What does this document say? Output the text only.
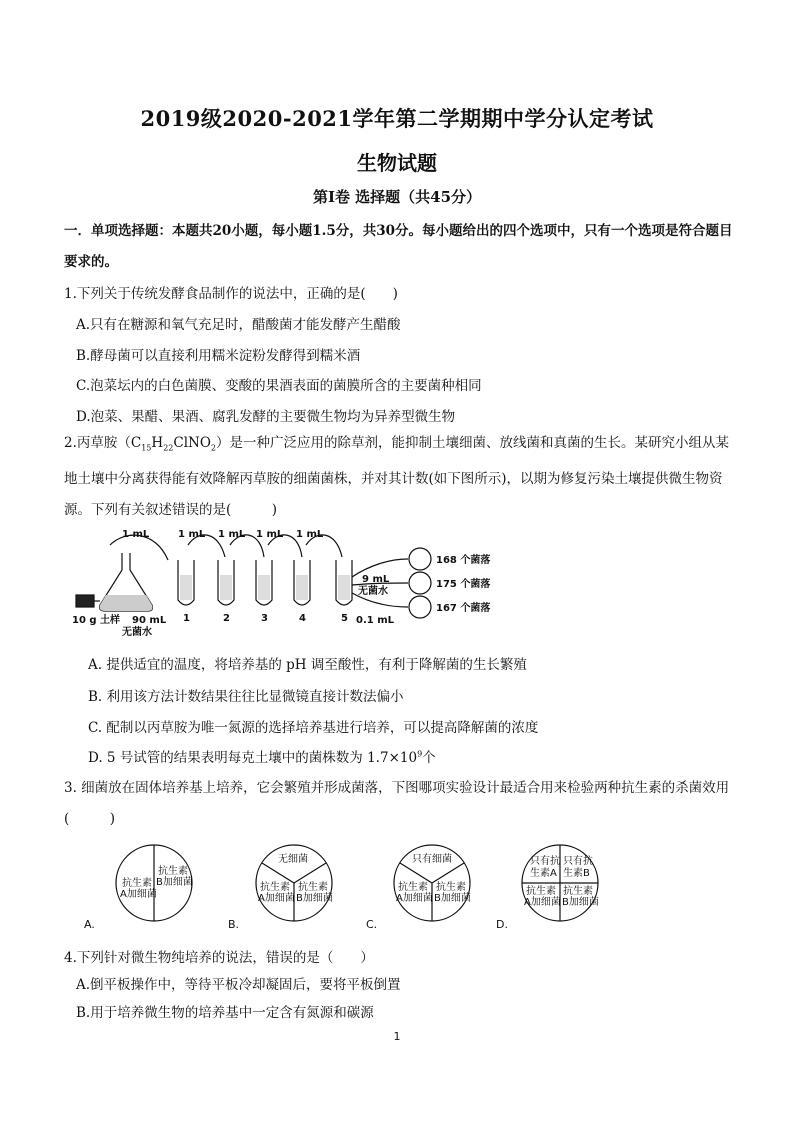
2019级2020-2021学年第二学期期中学分认定考试
生物试题
第Ⅰ卷 选择题（共45分）
一．单项选择题：本题共20小题，每小题1.5分，共30分。每小题给出的四个选项中，只有一个选项是符合题目要求的。
1.下列关于传统发酵食品制作的说法中，正确的是(　　)
A.只有在糖源和氧气充足时，醋酸菌才能发酵产生醋酸
B.酵母菌可以直接利用糯米淀粉发酵得到糯米酒
C.泡菜坛内的白色菌膜、变酸的果酒表面的菌膜所含的主要菌种相同
D.泡菜、果醋、果酒、腐乳发酵的主要微生物均为异养型微生物
2.丙草胺$(C_{15}H_{22}ClNO_2)$是一种广泛应用的除草剂，能抑制土壤细菌、放线菌和真菌的生长。某研究小组从某地土壤中分离获得能有效降解丙草胺的细菌菌株，并对其计数(如下图所示)，以期为修复污染土壤提供微生物资源。下列有关叙述错误的是(　　　)
1 mL	1 mL 1 mL 1 mL 1 mL
1	2	3	4	5
10 g 土样 90 mL
无菌水
9 mL
无菌水
0.1 mL
168 个菌落
175 个菌落
167 个菌落
A. 提供适宜的温度，将培养基的 pH 调至酸性，有利于降解菌的生长繁殖
B. 利用该方法计数结果往往比显微镜直接计数法偏小
C. 配制以丙草胺为唯一氮源的选择培养基进行培养，可以提高降解菌的浓度
D. 5 号试管的结果表明每克土壤中的菌株数为 $1.7\times 10^9$个
3. 细菌放在固体培养基上培养，它会繁殖并形成菌落，下图哪项实验设计最适合用来检验两种抗生素的杀菌效用(　　　)
抗生素
A加细菌
抗生素
B加细菌
A.
无细菌
抗生素
A加细菌
抗生素
B加细菌
B.
只有细菌
抗生素
A加细菌
抗生素
B加细菌
C.
只有抗
生素A
只有抗
生素B
抗生素
A加细菌
抗生素
B加细菌
D.
4.下列针对微生物纯培养的说法，错误的是（　　）
A.倒平板操作中，等待平板冷却凝固后，要将平板倒置
B.用于培养微生物的培养基中一定含有氮源和碳源
1
